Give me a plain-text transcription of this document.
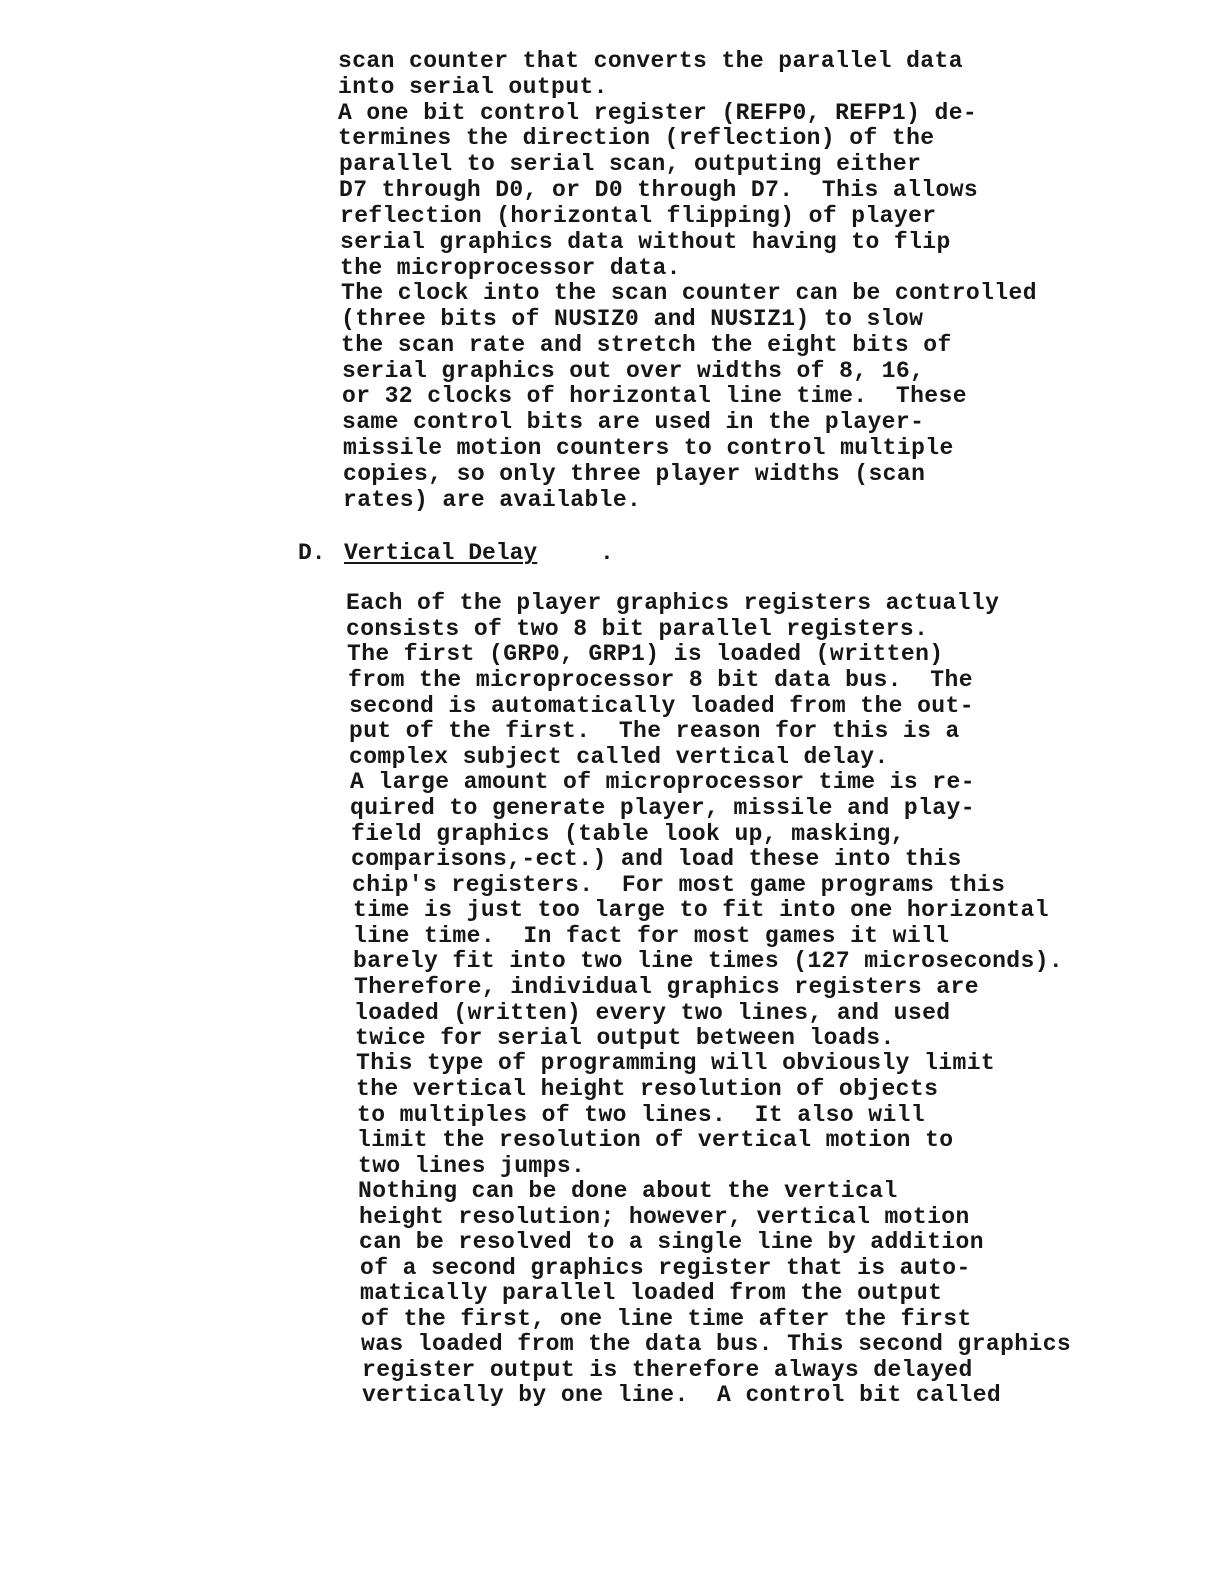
scan counter that converts the parallel data
into serial output.
A one bit control register (REFP0, REFP1) de-
termines the direction (reflection) of the
parallel to serial scan, outputing either
D7 through D0, or D0 through D7.  This allows
reflection (horizontal flipping) of player
serial graphics data without having to flip
the microprocessor data.
The clock into the scan counter can be controlled
(three bits of NUSIZ0 and NUSIZ1) to slow
the scan rate and stretch the eight bits of
serial graphics out over widths of 8, 16,
or 32 clocks of horizontal line time.  These
same control bits are used in the player-
missile motion counters to control multiple
copies, so only three player widths (scan
rates) are available.
D. Vertical Delay	.
Each of the player graphics registers actually
consists of two 8 bit parallel registers.
The first (GRP0, GRP1) is loaded (written)
from the microprocessor 8 bit data bus.  The
second is automatically loaded from the out-
put of the first.  The reason for this is a
complex subject called vertical delay.
A large amount of microprocessor time is re-
quired to generate player, missile and play-
field graphics (table look up, masking,
comparisons,-ect.) and load these into this
chip's registers.  For most game programs this
time is just too large to fit into one horizontal
line time.  In fact for most games it will
barely fit into two line times (127 microseconds).
Therefore, individual graphics registers are
loaded (written) every two lines, and used
twice for serial output between loads.
This type of programming will obviously limit
the vertical height resolution of objects
to multiples of two lines.  It also will
limit the resolution of vertical motion to
two lines jumps.
Nothing can be done about the vertical
height resolution; however, vertical motion
can be resolved to a single line by addition
of a second graphics register that is auto-
matically parallel loaded from the output
of the first, one line time after the first
was loaded from the data bus. This second graphics
register output is therefore always delayed
vertically by one line.  A control bit called
